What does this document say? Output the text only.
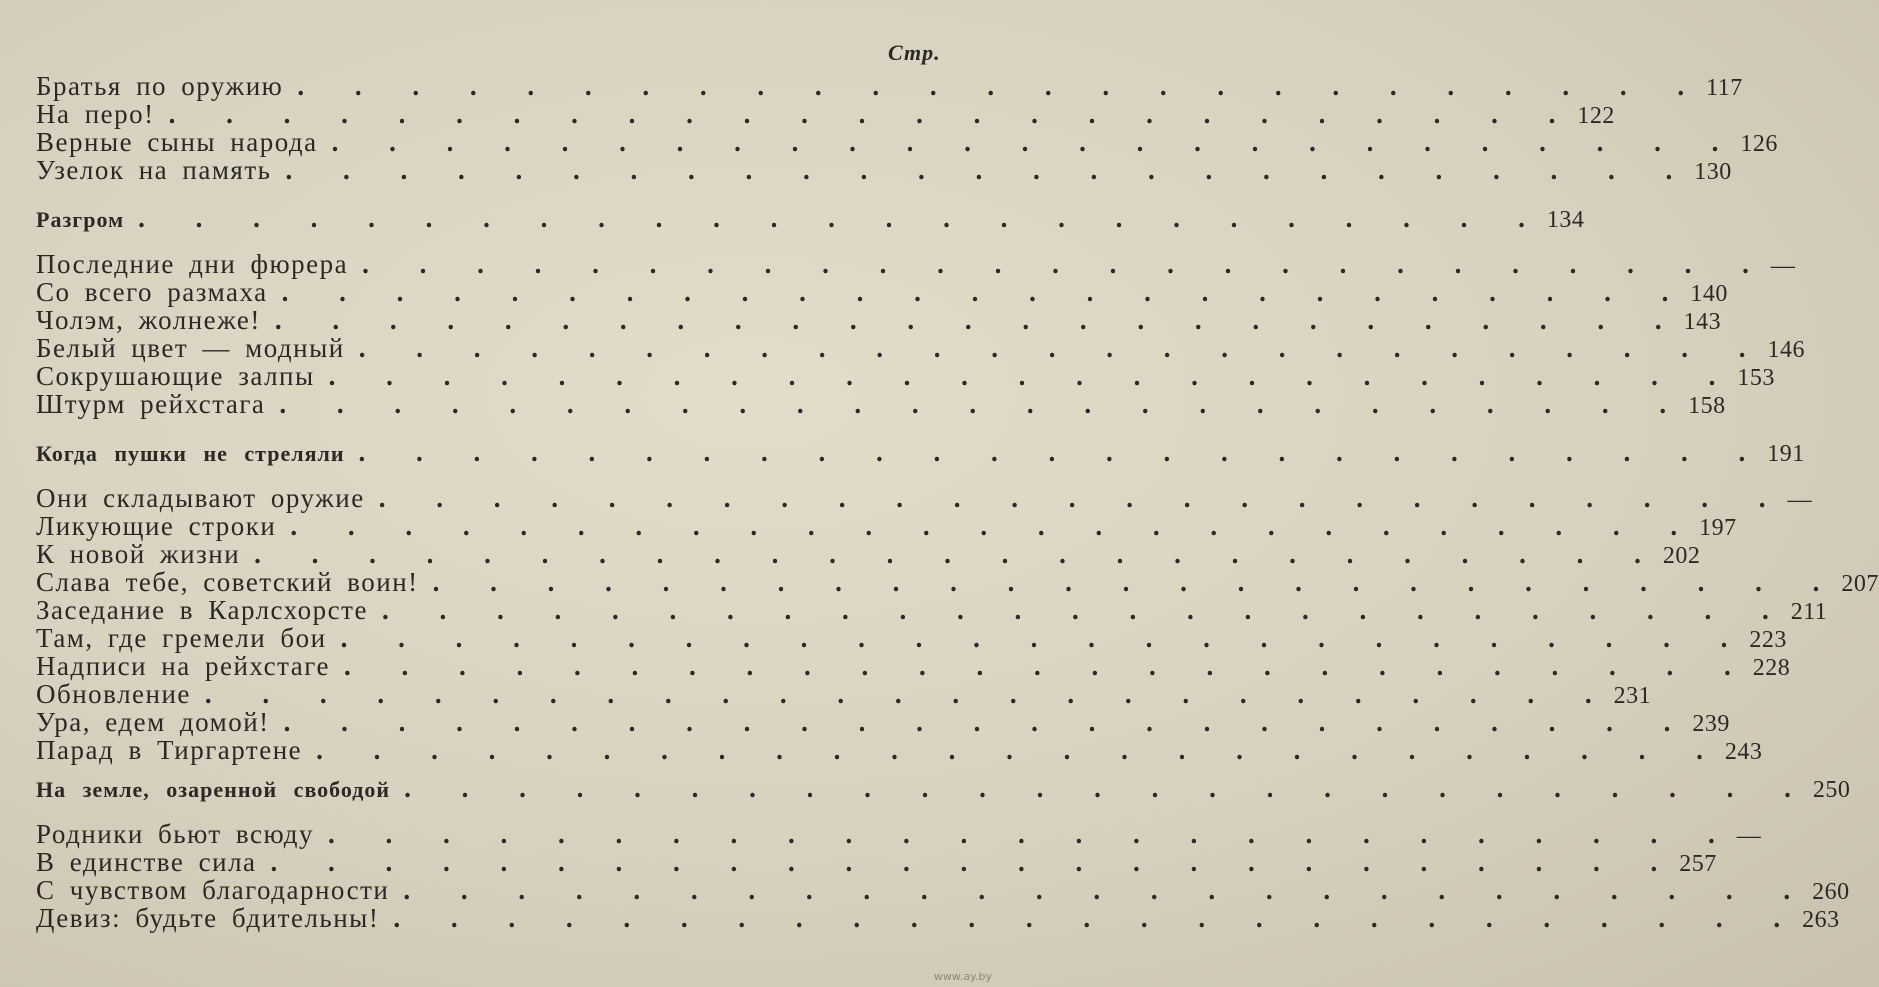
Стр.
Братья по оружию . . . . . . . . . . . . . . . . . . . . . . . . . 117
На перо! . . . . . . . . . . . . . . . . . . . . . . . . . 122
Верные сыны народа . . . . . . . . . . . . . . . . . . . . . . . . . 126
Узелок на память . . . . . . . . . . . . . . . . . . . . . . . . . 130
Разгром . . . . . . . . . . . . . . . . . . . . . . . . . 134
Последние дни фюрера . . . . . . . . . . . . . . . . . . . . . . . . . —
Со всего размаха . . . . . . . . . . . . . . . . . . . . . . . . . 140
Чолэм, жолнеже! . . . . . . . . . . . . . . . . . . . . . . . . . 143
Белый цвет — модный . . . . . . . . . . . . . . . . . . . . . . . . . 146
Сокрушающие залпы . . . . . . . . . . . . . . . . . . . . . . . . . 153
Штурм рейхстага . . . . . . . . . . . . . . . . . . . . . . . . . 158
Когда пушки не стреляли . . . . . . . . . . . . . . . . . . . . . . . . . 191
Они складывают оружие . . . . . . . . . . . . . . . . . . . . . . . . . —
Ликующие строки . . . . . . . . . . . . . . . . . . . . . . . . . 197
К новой жизни . . . . . . . . . . . . . . . . . . . . . . . . . 202
Слава тебе, советский воин! . . . . . . . . . . . . . . . . . . . . . . . . . 207
Заседание в Карлсхорсте . . . . . . . . . . . . . . . . . . . . . . . . . 211
Там, где гремели бои . . . . . . . . . . . . . . . . . . . . . . . . . 223
Надписи на рейхстаге . . . . . . . . . . . . . . . . . . . . . . . . . 228
Обновление . . . . . . . . . . . . . . . . . . . . . . . . . 231
Ура, едем домой! . . . . . . . . . . . . . . . . . . . . . . . . . 239
Парад в Тиргартене . . . . . . . . . . . . . . . . . . . . . . . . . 243
На земле, озаренной свободой . . . . . . . . . . . . . . . . . . . . . . . . . 250
Родники бьют всюду . . . . . . . . . . . . . . . . . . . . . . . . . —
В единстве сила . . . . . . . . . . . . . . . . . . . . . . . . . 257
С чувством благодарности . . . . . . . . . . . . . . . . . . . . . . . . . 260
Девиз: будьте бдительны! . . . . . . . . . . . . . . . . . . . . . . . . . 263
www.ay.by
